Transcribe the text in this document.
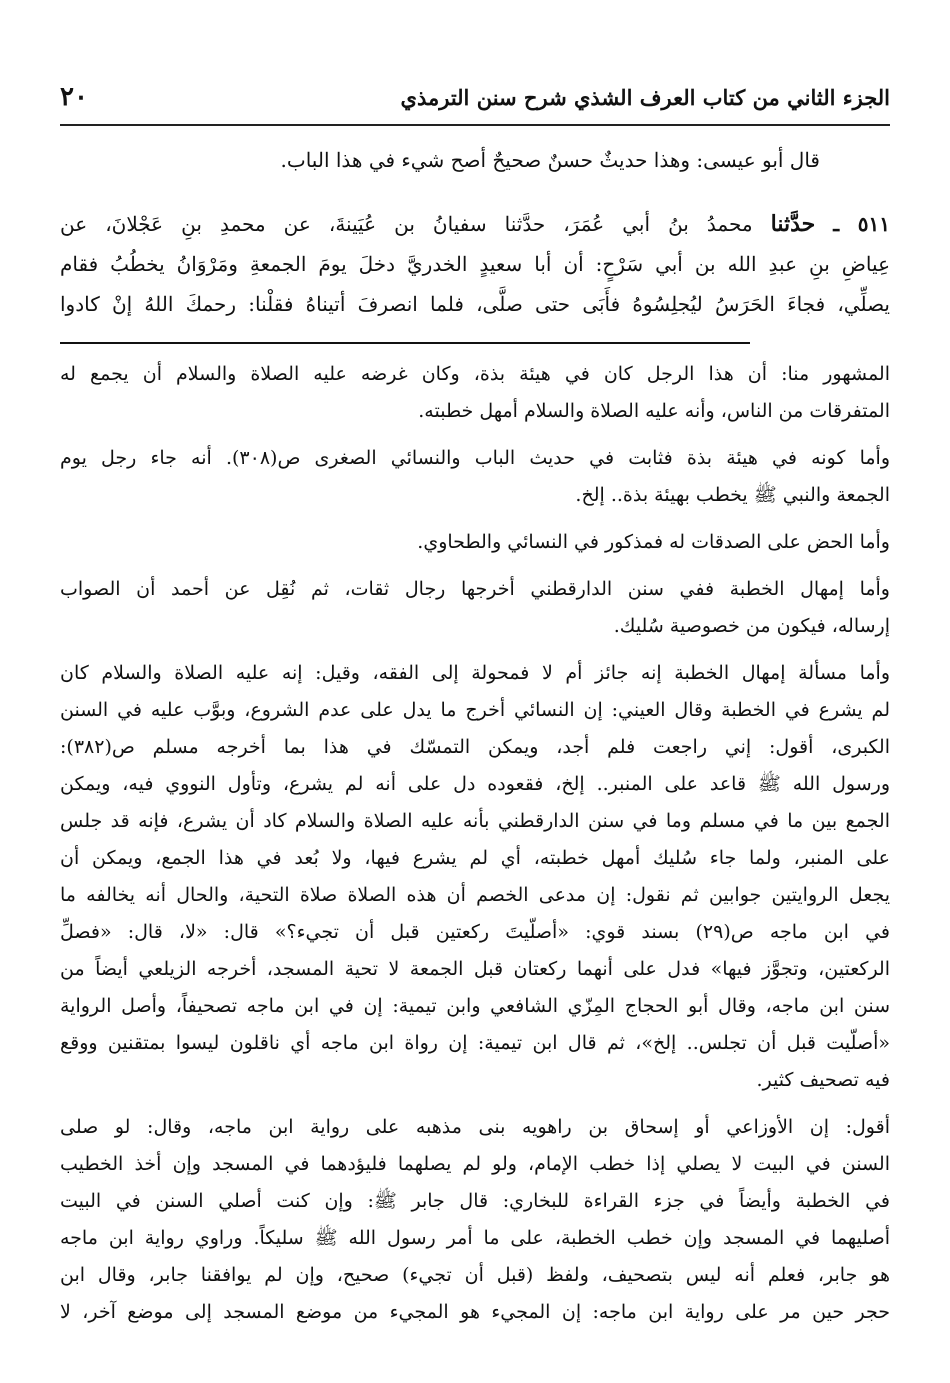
الجزء الثاني من كتاب العرف الشذي شرح سنن الترمذي
٢٠

قال أبو عيسى: وهذا حديثٌ حسنٌ صحيحٌ أصح شيء في هذا الباب.

٥١١ ـ حدَّثنا محمدُ بنُ أبي عُمَرَ، حدَّثنا سفيانُ بن عُيَينةَ، عن محمدِ بنِ عَجْلانَ، عن

عِياضِ بنِ عبدِ الله بن أبي سَرْحٍ: أن أبا سعيدٍ الخدريَّ دخلَ يومَ الجمعةِ ومَرْوَانُ يخطُبُ فقام

يصلِّي، فجاءَ الحَرَسُ ليُجلِسُوهُ فأَبَى حتى صلَّى، فلما انصرفَ أتيناهُ فقلْنا: رحمكَ اللهُ إنْ كادوا

المشهور منا: أن هذا الرجل كان في هيئة بذة، وكان غرضه عليه الصلاة والسلام أن يجمع له
المتفرقات من الناس، وأنه عليه الصلاة والسلام أمهل خطبته.

وأما كونه في هيئة بذة فثابت في حديث الباب والنسائي الصغرى ص(٣٠٨). أنه جاء رجل يوم
الجمعة والنبي ﷺ يخطب بهيئة بذة.. إلخ.

وأما الحض على الصدقات له فمذكور في النسائي والطحاوي.

وأما إمهال الخطبة ففي سنن الدارقطني أخرجها رجال ثقات، ثم نُقِل عن أحمد أن الصواب
إرساله، فيكون من خصوصية سُليك.

وأما مسألة إمهال الخطبة إنه جائز أم لا فمحولة إلى الفقه، وقيل: إنه عليه الصلاة والسلام كان
لم يشرع في الخطبة وقال العيني: إن النسائي أخرج ما يدل على عدم الشروع، وبوَّب عليه في السنن
الكبرى، أقول: إني راجعت فلم أجد، ويمكن التمسّك في هذا بما أخرجه مسلم ص(٣٨٢):
ورسول الله ﷺ قاعد على المنبر.. إلخ، فقعوده دل على أنه لم يشرع، وتأول النووي فيه، ويمكن
الجمع بين ما في مسلم وما في سنن الدارقطني بأنه عليه الصلاة والسلام كاد أن يشرع، فإنه قد جلس
على المنبر، ولما جاء سُليك أمهل خطبته، أي لم يشرع فيها، ولا بُعد في هذا الجمع، ويمكن أن
يجعل الروايتين جوابين ثم نقول: إن مدعى الخصم أن هذه الصلاة صلاة التحية، والحال أنه يخالفه ما
في ابن ماجه ص(٢٩) بسند قوي: «أصلّيتَ ركعتين قبل أن تجيء؟» قال: «لا، قال: «فصلِّ
الركعتين، وتجوَّز فيها» فدل على أنهما ركعتان قبل الجمعة لا تحية المسجد، أخرجه الزيلعي أيضاً من
سنن ابن ماجه، وقال أبو الحجاج المِزّي الشافعي وابن تيمية: إن في ابن ماجه تصحيفاً، وأصل الرواية
«أصلّيت قبل أن تجلس.. إلخ»، ثم قال ابن تيمية: إن رواة ابن ماجه أي ناقلون ليسوا بمتقنين ووقع
فيه تصحيف كثير.

أقول: إن الأوزاعي أو إسحاق بن راهويه بنى مذهبه على رواية ابن ماجه، وقال: لو صلى
السنن في البيت لا يصلي إذا خطب الإمام، ولو لم يصلهما فليؤدهما في المسجد وإن أخذ الخطيب
في الخطبة وأيضاً في جزء القراءة للبخاري: قال جابر ﷺ: وإن كنت أصلي السنن في البيت
أصليهما في المسجد وإن خطب الخطبة، على ما أمر رسول الله ﷺ سليكاً. وراوي رواية ابن ماجه
هو جابر، فعلم أنه ليس بتصحيف، ولفظ (قبل أن تجيء) صحيح، وإن لم يوافقنا جابر، وقال ابن
حجر حين مر على رواية ابن ماجه: إن المجيء هو المجيء من موضع المسجد إلى موضع آخر، لا
